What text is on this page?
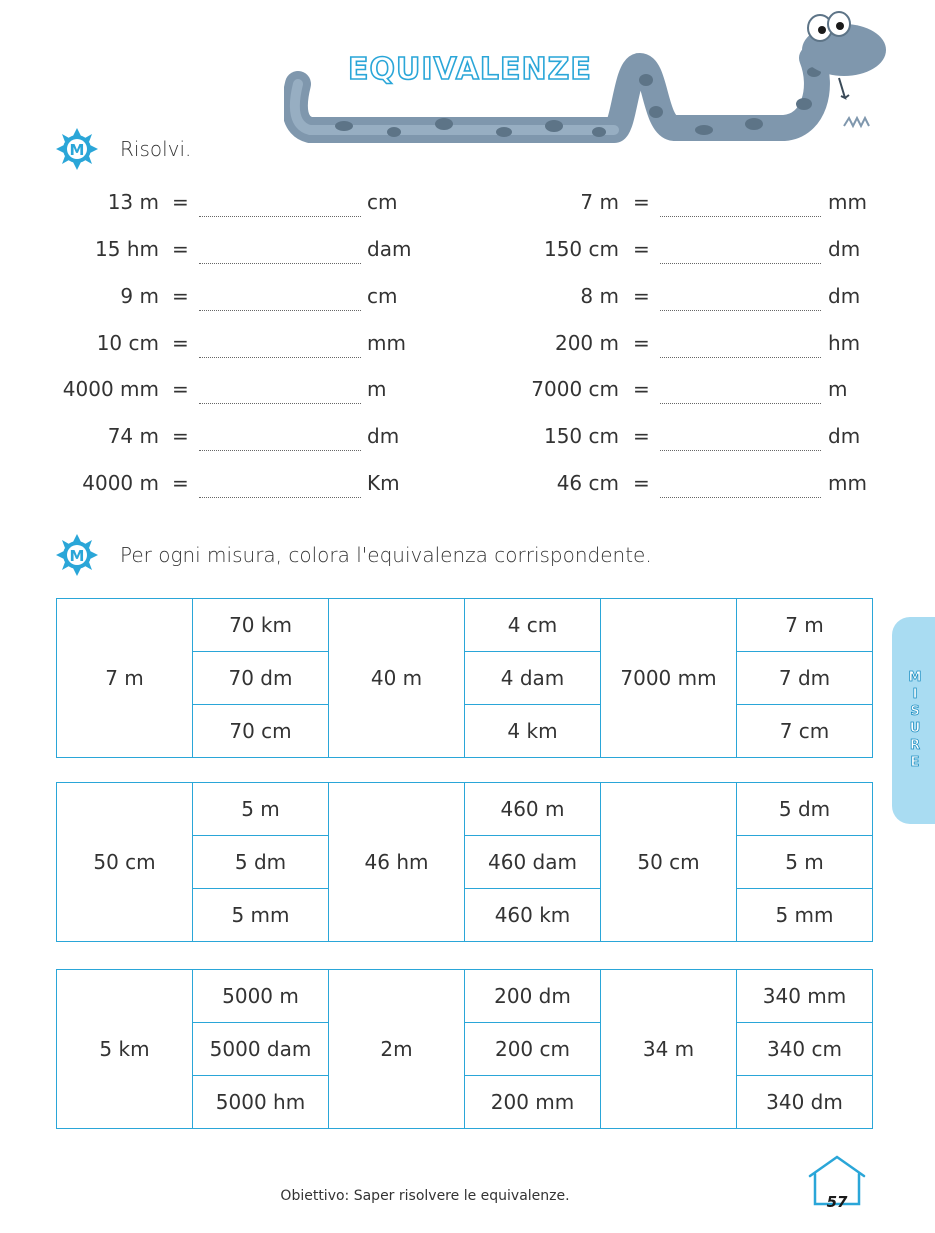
EQUIVALENZE
M Risolvi.
13 m =	cm
15 hm =	dam
9 m =	cm
10 cm =	mm
4000 mm =	m
74 m =	dm
4000 m =	Km
7 m =	mm
150 cm =	dm
8 m =	dm
200 m =	hm
7000 cm =	m
150 cm =	dm
46 cm =	mm
M Per ogni misura, colora l'equivalenza corrispondente.
7 m	70 km	40 m	4 cm	7000 mm	7 m
	70 dm		4 dam		7 dm
	70 cm		4 km		7 cm
50 cm	5 m	46 hm	460 m	50 cm	5 dm
	5 dm		460 dam		5 m
	5 mm		460 km		5 mm
5 km	5000 m	2m	200 dm	34 m	340 mm
	5000 dam		200 cm		340 cm
	5000 hm		200 mm		340 dm
M
I
S
U
R
E
Obiettivo: Saper risolvere le equivalenze.	57
